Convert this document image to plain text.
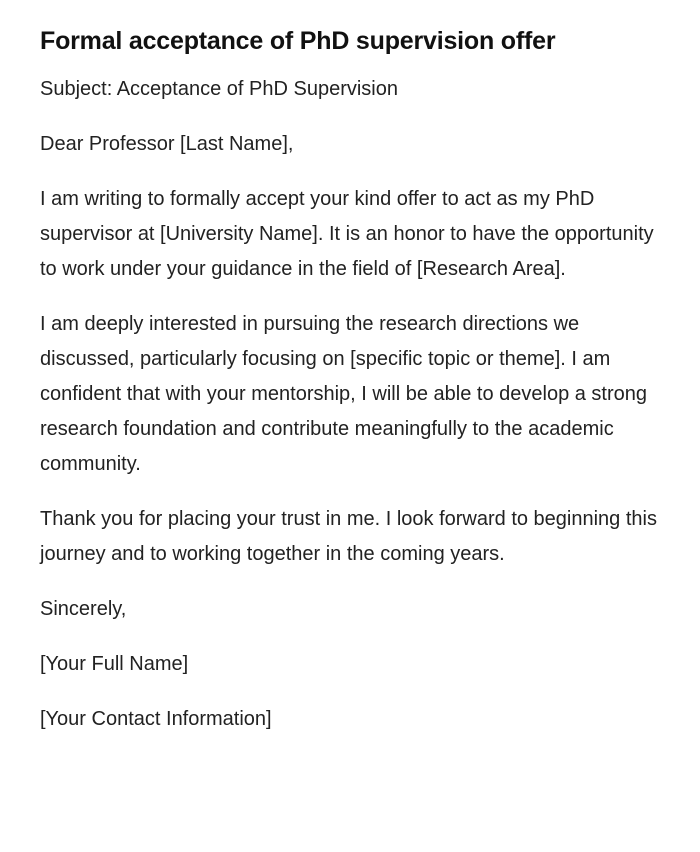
Formal acceptance of PhD supervision offer

Subject: Acceptance of PhD Supervision

Dear Professor [Last Name],

I am writing to formally accept your kind offer to act as my PhD supervisor at [University Name]. It is an honor to have the opportunity to work under your guidance in the field of [Research Area].

I am deeply interested in pursuing the research directions we discussed, particularly focusing on [specific topic or theme]. I am confident that with your mentorship, I will be able to develop a strong research foundation and contribute meaningfully to the academic community.

Thank you for placing your trust in me. I look forward to beginning this journey and to working together in the coming years.

Sincerely,

[Your Full Name]

[Your Contact Information]
